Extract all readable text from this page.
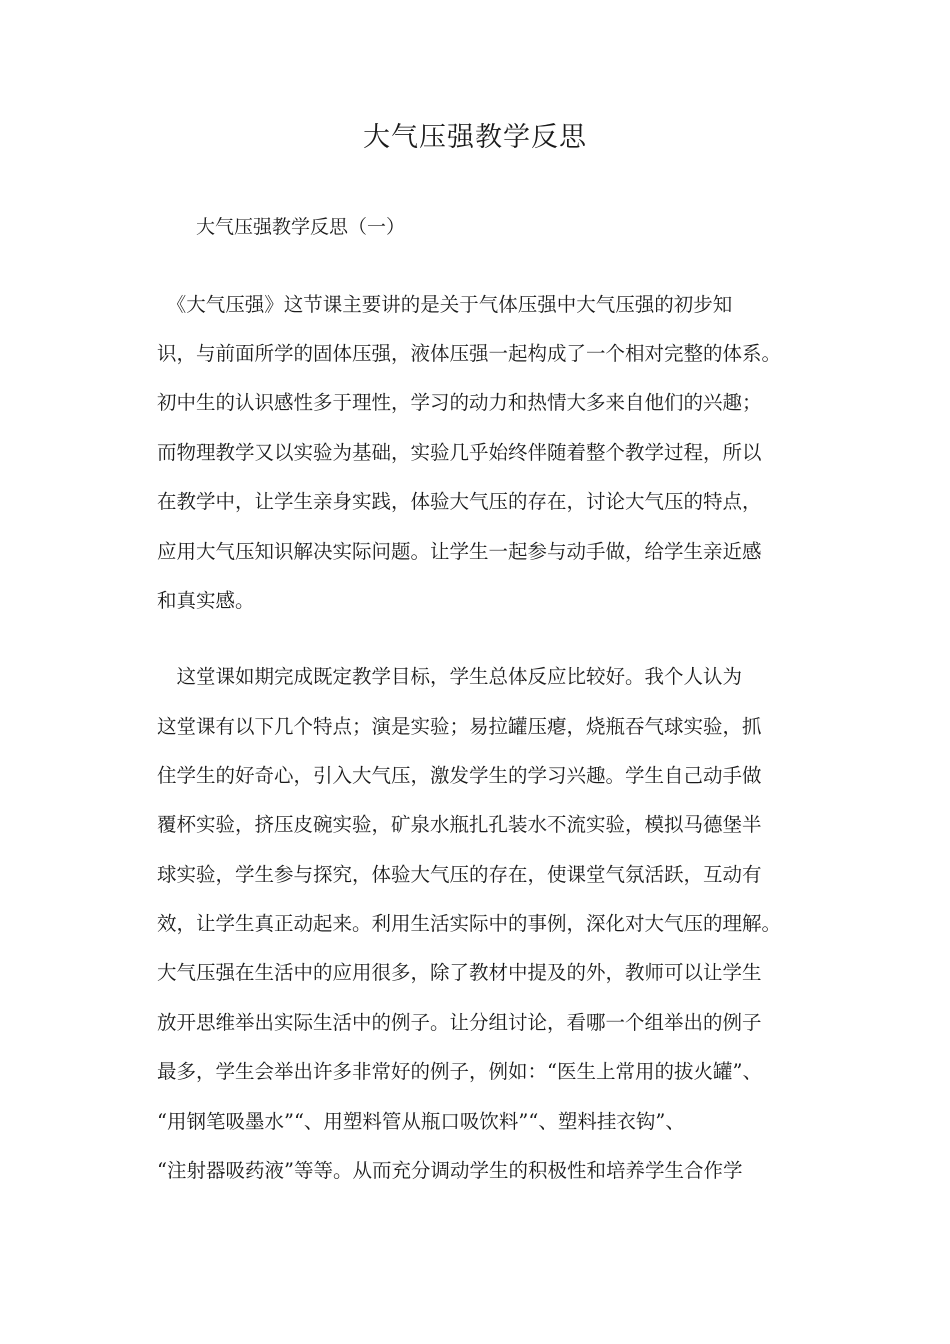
大气压强教学反思
大气压强教学反思（一）
　《大气压强》这节课主要讲的是关于气体压强中大气压强的初步知
识，与前面所学的固体压强，液体压强一起构成了一个相对完整的体系。
初中生的认识感性多于理性，学习的动力和热情大多来自他们的兴趣；
而物理教学又以实验为基础，实验几乎始终伴随着整个教学过程，所以
在教学中，让学生亲身实践，体验大气压的存在，讨论大气压的特点，
应用大气压知识解决实际问题。让学生一起参与动手做，给学生亲近感
和真实感。
　这堂课如期完成既定教学目标，学生总体反应比较好。我个人认为
这堂课有以下几个特点；演是实验；易拉罐压瘪，烧瓶吞气球实验，抓
住学生的好奇心，引入大气压，激发学生的学习兴趣。学生自己动手做
覆杯实验，挤压皮碗实验，矿泉水瓶扎孔装水不流实验，模拟马德堡半
球实验，学生参与探究，体验大气压的存在，使课堂气氛活跃，互动有
效，让学生真正动起来。利用生活实际中的事例，深化对大气压的理解。
大气压强在生活中的应用很多，除了教材中提及的外，教师可以让学生
放开思维举出实际生活中的例子。让分组讨论，看哪一个组举出的例子
最多，学生会举出许多非常好的例子，例如：“医生上常用的拔火罐”、
“用钢笔吸墨水”“、用塑料管从瓶口吸饮料”“、塑料挂衣钩”、
“注射器吸药液”等等。从而充分调动学生的积极性和培养学生合作学
